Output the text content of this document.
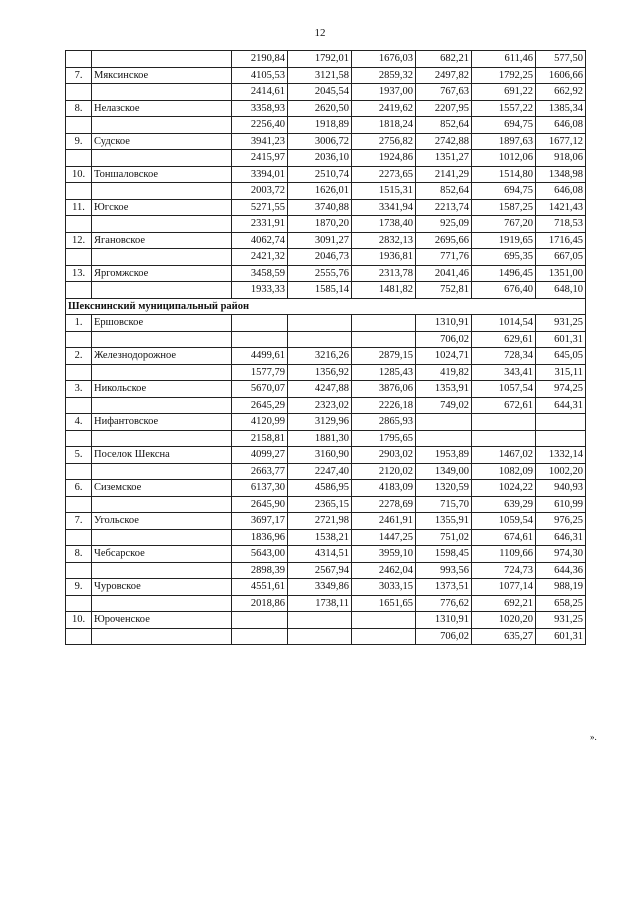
12
		2190,84	1792,01	1676,03	682,21	611,46	577,50
7.	Мяксинское	4105,53	3121,58	2859,32	2497,82	1792,25	1606,66
		2414,61	2045,54	1937,00	767,63	691,22	662,92
8.	Нелазское	3358,93	2620,50	2419,62	2207,95	1557,22	1385,34
		2256,40	1918,89	1818,24	852,64	694,75	646,08
9.	Судское	3941,23	3006,72	2756,82	2742,88	1897,63	1677,12
		2415,97	2036,10	1924,86	1351,27	1012,06	918,06
10.	Тоншаловское	3394,01	2510,74	2273,65	2141,29	1514,80	1348,98
		2003,72	1626,01	1515,31	852,64	694,75	646,08
11.	Югское	5271,55	3740,88	3341,94	2213,74	1587,25	1421,43
		2331,91	1870,20	1738,40	925,09	767,20	718,53
12.	Ягановское	4062,74	3091,27	2832,13	2695,66	1919,65	1716,45
		2421,32	2046,73	1936,81	771,76	695,35	667,05
13.	Яргомжское	3458,59	2555,76	2313,78	2041,46	1496,45	1351,00
		1933,33	1585,14	1481,82	752,81	676,40	648,10
Шекснинский муниципальный район							
1.	Ершовское				1310,91	1014,54	931,25
					706,02	629,61	601,31
2.	Железнодорожное	4499,61	3216,26	2879,15	1024,71	728,34	645,05
		1577,79	1356,92	1285,43	419,82	343,41	315,11
3.	Никольское	5670,07	4247,88	3876,06	1353,91	1057,54	974,25
		2645,29	2323,02	2226,18	749,02	672,61	644,31
4.	Нифантовское	4120,99	3129,96	2865,93			
		2158,81	1881,30	1795,65			
5.	Поселок Шексна	4099,27	3160,90	2903,02	1953,89	1467,02	1332,14
		2663,77	2247,40	2120,02	1349,00	1082,09	1002,20
6.	Сиземское	6137,30	4586,95	4183,09	1320,59	1024,22	940,93
		2645,90	2365,15	2278,69	715,70	639,29	610,99
7.	Угольское	3697,17	2721,98	2461,91	1355,91	1059,54	976,25
		1836,96	1538,21	1447,25	751,02	674,61	646,31
8.	Чебсарское	5643,00	4314,51	3959,10	1598,45	1109,66	974,30
		2898,39	2567,94	2462,04	993,56	724,73	644,36
9.	Чуровское	4551,61	3349,86	3033,15	1373,51	1077,14	988,19
		2018,86	1738,11	1651,65	776,62	692,21	658,25
10.	Юроченское				1310,91	1020,20	931,25
					706,02	635,27	601,31
».
